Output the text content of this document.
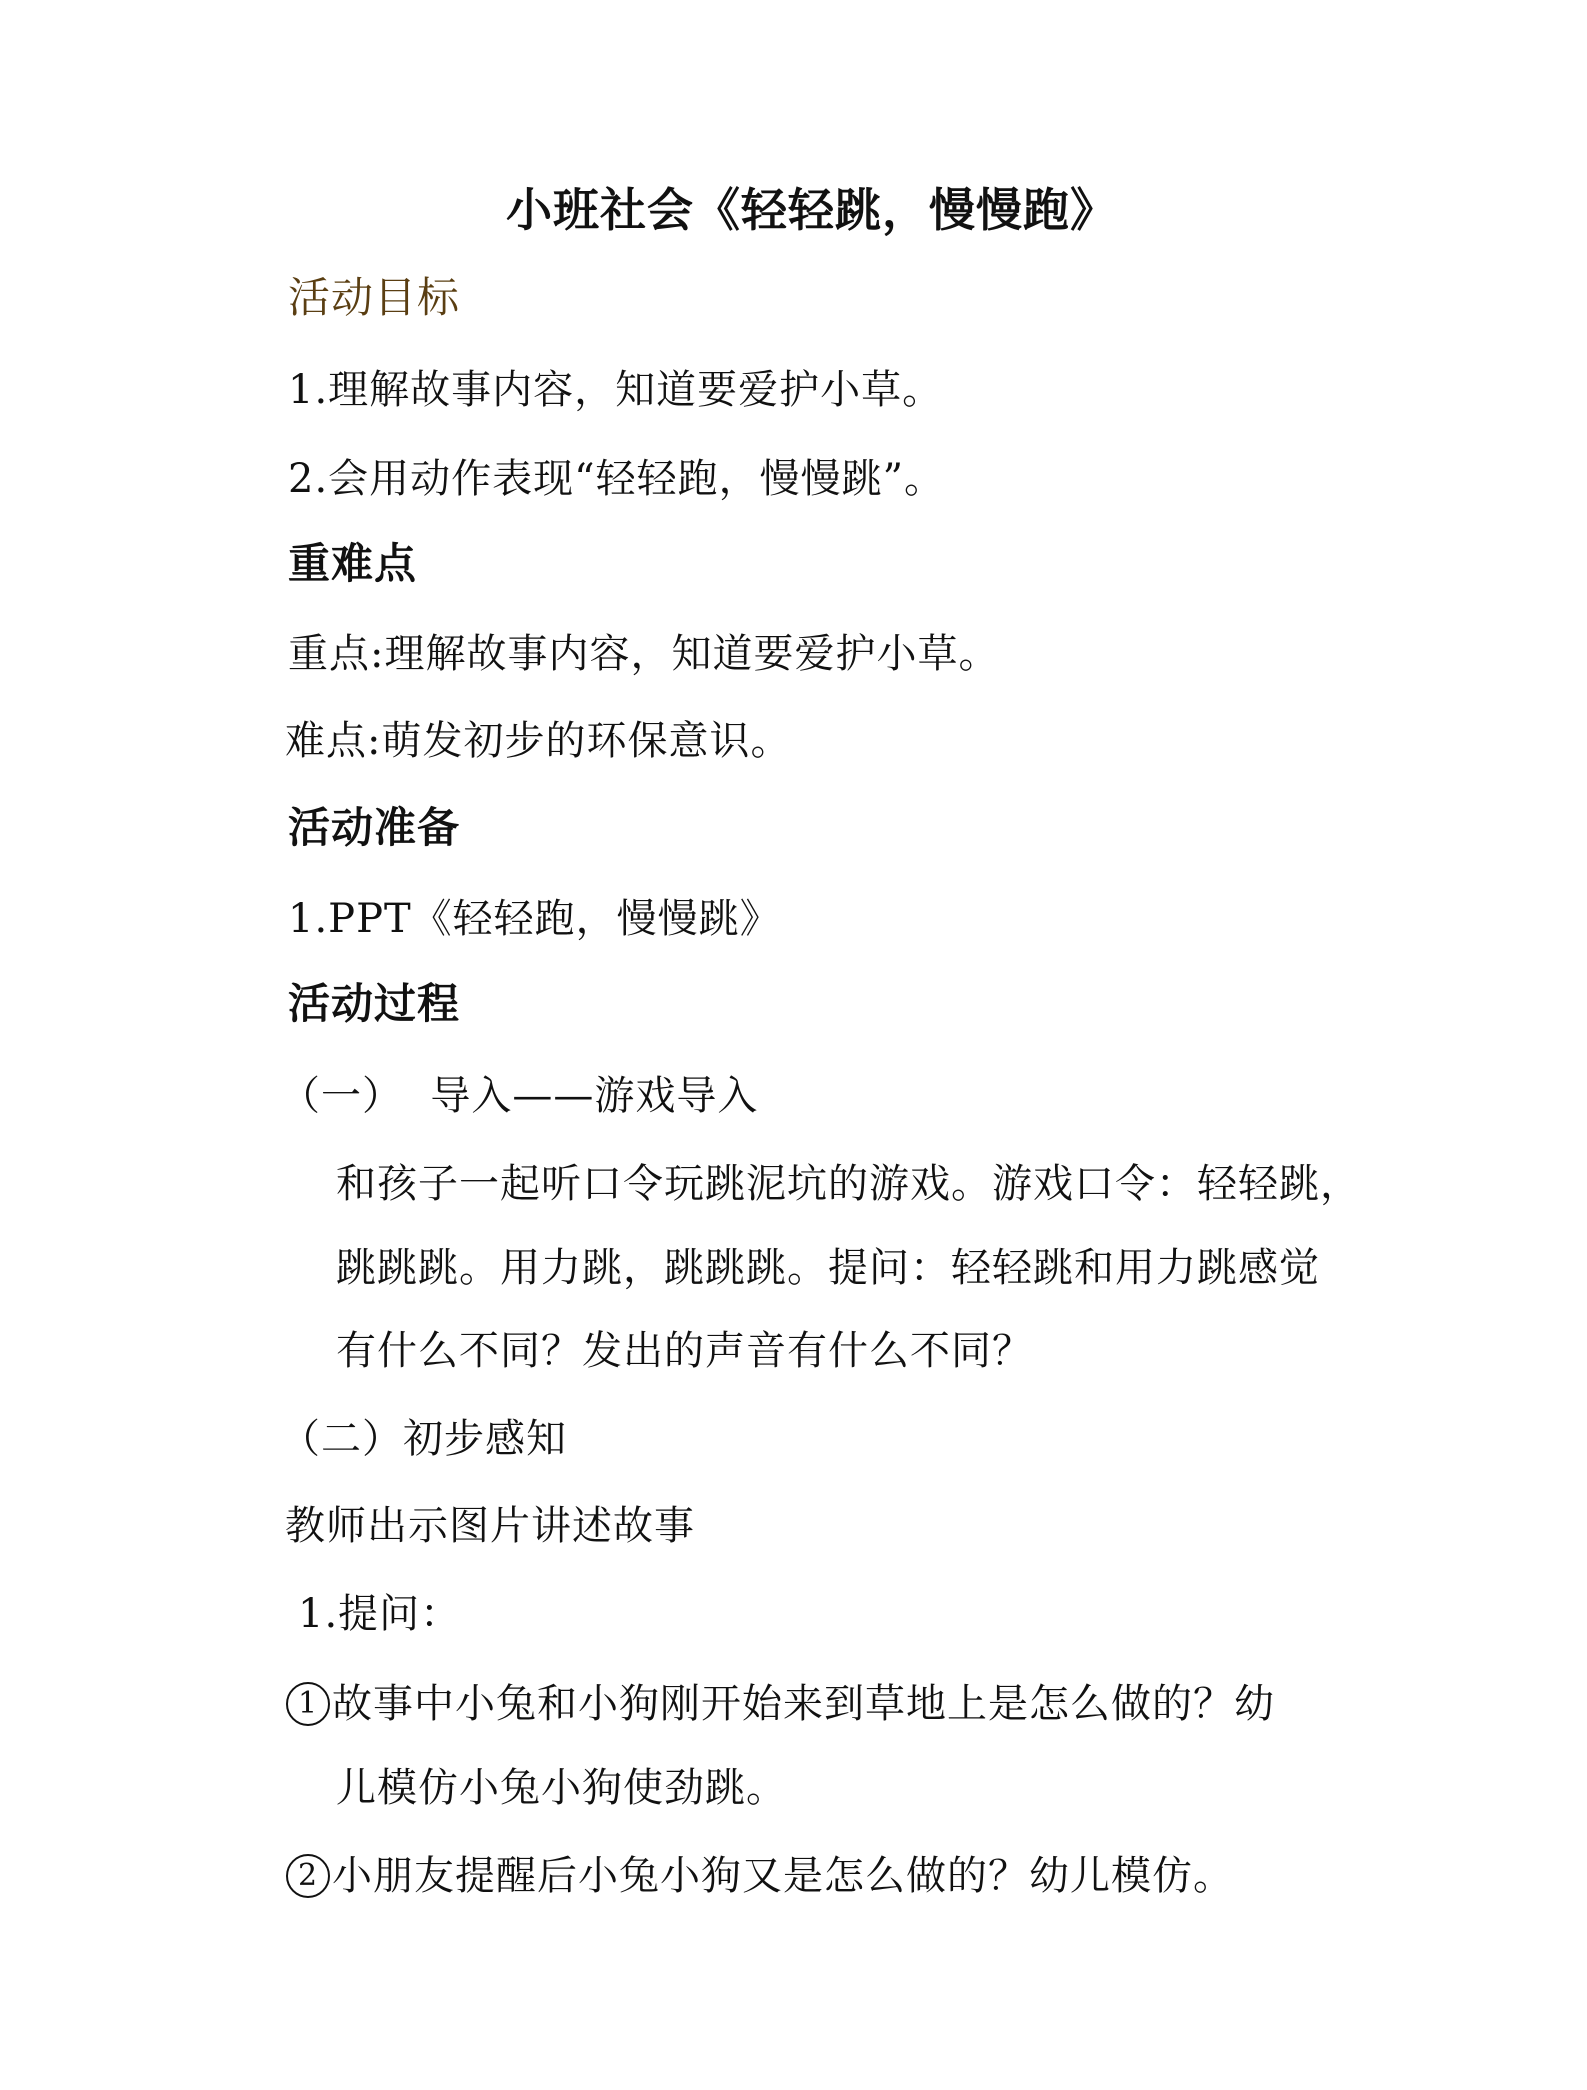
小班社会《轻轻跳，慢慢跑》
活动目标
1.理解故事内容，知道要爱护小草。
2.会用动作表现“轻轻跑，慢慢跳”。
重难点
重点:理解故事内容，知道要爱护小草。
难点:萌发初步的环保意识。
活动准备
1.PPT《轻轻跑，慢慢跳》
活动过程
（一）  导入——游戏导入
和孩子一起听口令玩跳泥坑的游戏。游戏口令：轻轻跳，
跳跳跳。用力跳，跳跳跳。提问：轻轻跳和用力跳感觉
有什么不同？发出的声音有什么不同？
（二）初步感知
教师出示图片讲述故事
1.提问：
1 故事中小兔和小狗刚开始来到草地上是怎么做的？幼
儿模仿小兔小狗使劲跳。
2 小朋友提醒后小兔小狗又是怎么做的？幼儿模仿。
